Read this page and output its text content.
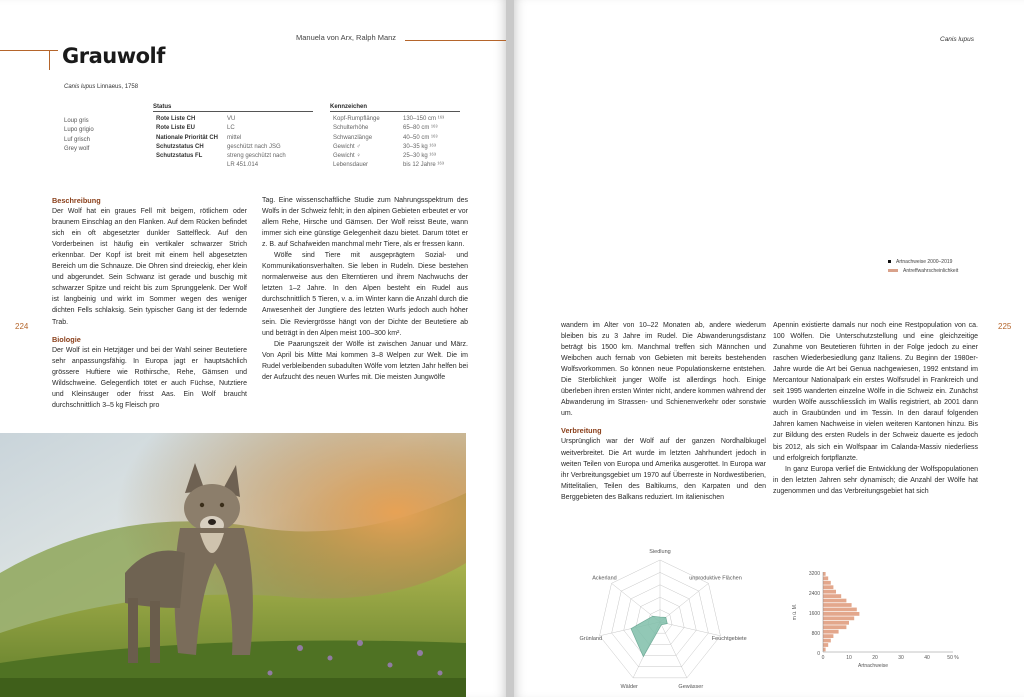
Grauwolf
Manuela von Arx, Ralph Manz
Canis lupus Linnaeus, 1758
Loup gris
Lupo grigio
Luf grisch
Grey wolf
Status
Rote Liste CH	VU
Rote Liste EU	LC
Nationale Priorität CH	mittel
Schutzstatus CH	geschützt nach JSG
Schutzstatus FL	streng geschützt nach
LR 451.014
Kennzeichen
Kopf-Rumpflänge	130–150 cm ¹⁶³
Schulterhöhe	65–80 cm ¹⁶³
Schwanzlänge	40–50 cm ¹⁶³
Gewicht ♂	30–35 kg ¹⁶³
Gewicht ♀	25–30 kg ¹⁶³
Lebensdauer	bis 12 Jahre ¹⁶³
Beschreibung

Der Wolf hat ein graues Fell mit beigem, rötlichem oder braunem Einschlag an den Flanken. Auf dem Rücken befindet sich ein oft abgesetzter dunkler Sattelfleck. Auf den Vorderbeinen ist häufig ein vertikaler schwarzer Strich erkennbar. Der Kopf ist breit mit einem hell abgesetzten Bereich um die Schnauze. Die Ohren sind dreieckig, eher klein und abgerundet. Sein Schwanz ist gerade und buschig mit schwarzer Spitze und reicht bis zum Sprunggelenk. Der Wolf ist langbeinig und wirkt im Sommer wegen des weniger dichten Fells schlaksig. Sein typischer Gang ist der federnde Trab.

Biologie

Der Wolf ist ein Hetzjäger und bei der Wahl seiner Beutetiere sehr anpassungsfähig. In Europa jagt er hauptsächlich grössere Huftiere wie Rothirsche, Rehe, Gämsen und Wildschweine. Gelegentlich tötet er auch Füchse, Nutztiere und Kleinsäuger oder frisst Aas. Ein Wolf braucht durchschnittlich 3–5 kg Fleisch pro

Tag. Eine wissenschaftliche Studie zum Nahrungsspektrum des Wolfs in der Schweiz fehlt; in den alpinen Gebieten erbeutet er vor allem Rehe, Hirsche und Gämsen. Der Wolf reisst Beute, wann immer sich eine günstige Gelegenheit dazu bietet. Darum tötet er z. B. auf Schafweiden manchmal mehr Tiere, als er fressen kann.

Wölfe sind Tiere mit ausgeprägtem Sozial- und Kommunikationsverhalten. Sie leben in Rudeln. Diese bestehen normalerweise aus den Elterntieren und ihrem Nachwuchs der letzten 1–2 Jahre. In den Alpen besteht ein Rudel aus durchschnittlich 5 Tieren, v. a. im Winter kann die Anzahl durch die Anwesenheit der Jungtiere des letzten Wurfs jedoch auch höher sein. Die Reviergrösse hängt von der Dichte der Beutetiere ab und beträgt in den Alpen meist 100–300 km².

Die Paarungszeit der Wölfe ist zwischen Januar und März. Von April bis Mitte Mai kommen 3–8 Welpen zur Welt. Die im Rudel verbleibenden subadulten Wölfe vom letzten Jahr helfen bei der Aufzucht des neuen Wurfes mit. Die meisten Jungwölfe

224
Canis lupus
Artnachweise 2000–2019
Antreffwahrscheinlichkeit
225

wandern im Alter von 10–22 Monaten ab, andere wiederum bleiben bis zu 3 Jahre im Rudel. Die Abwanderungsdistanz beträgt bis 1500 km. Manchmal treffen sich Männchen und Weibchen auch fernab von Gebieten mit bereits bestehenden Wolfsvorkommen. So können neue Populationskerne entstehen. Die Sterblichkeit junger Wölfe ist allerdings hoch. Einige überleben ihren ersten Winter nicht, andere kommen während der Abwanderung im Strassen- und Schienenverkehr oder sonstwie um.

Verbreitung

Ursprünglich war der Wolf auf der ganzen Nordhalbkugel weitverbreitet. Die Art wurde im letzten Jahrhundert jedoch in weiten Teilen von Europa und Amerika ausgerottet. In Europa war ihr Verbreitungsgebiet um 1970 auf Überreste in Nordwestiberien, Mittelitalien, Teilen des Baltikums, den Karpaten und den Berggebieten des Balkans reduziert. Im italienischen

Apennin existierte damals nur noch eine Restpopulation von ca. 100 Wölfen. Die Unterschutzstellung und eine gleichzeitige Zunahme von Beutetieren führten in der Folge jedoch zu einer raschen Wiederbesiedlung ganz Italiens. Zu Beginn der 1980er-Jahre wurde die Art bei Genua nachgewiesen, 1992 entstand im Mercantour Nationalpark ein erstes Wolfsrudel in Frankreich und seit 1995 wanderten einzelne Wölfe in die Schweiz ein. Zunächst wurden Wölfe ausschliesslich im Wallis registriert, ab 2001 dann auch in Graubünden und im Tessin. In den darauf folgenden Jahren kamen Nachweise in vielen weiteren Kantonen hinzu. Bis zur Bildung des ersten Rudels in der Schweiz dauerte es jedoch bis 2012, als sich ein Wolfspaar im Calanda-Massiv niederliess und erfolgreich fortpflanzte.

In ganz Europa verlief die Entwicklung der Wolfspopulationen in den letzten Jahren sehr dynamisch; die Anzahl der Wölfe hat zugenommen und das Verbreitungsgebiet hat sich

Siedlung
unproduktive Flächen
Feuchtgebiete
Gewässer
Wälder
Grünland
Ackerland
3200
2400
1600
800
0
0	10	20	30	40	50 %
m ü. M.
Artnachweise
